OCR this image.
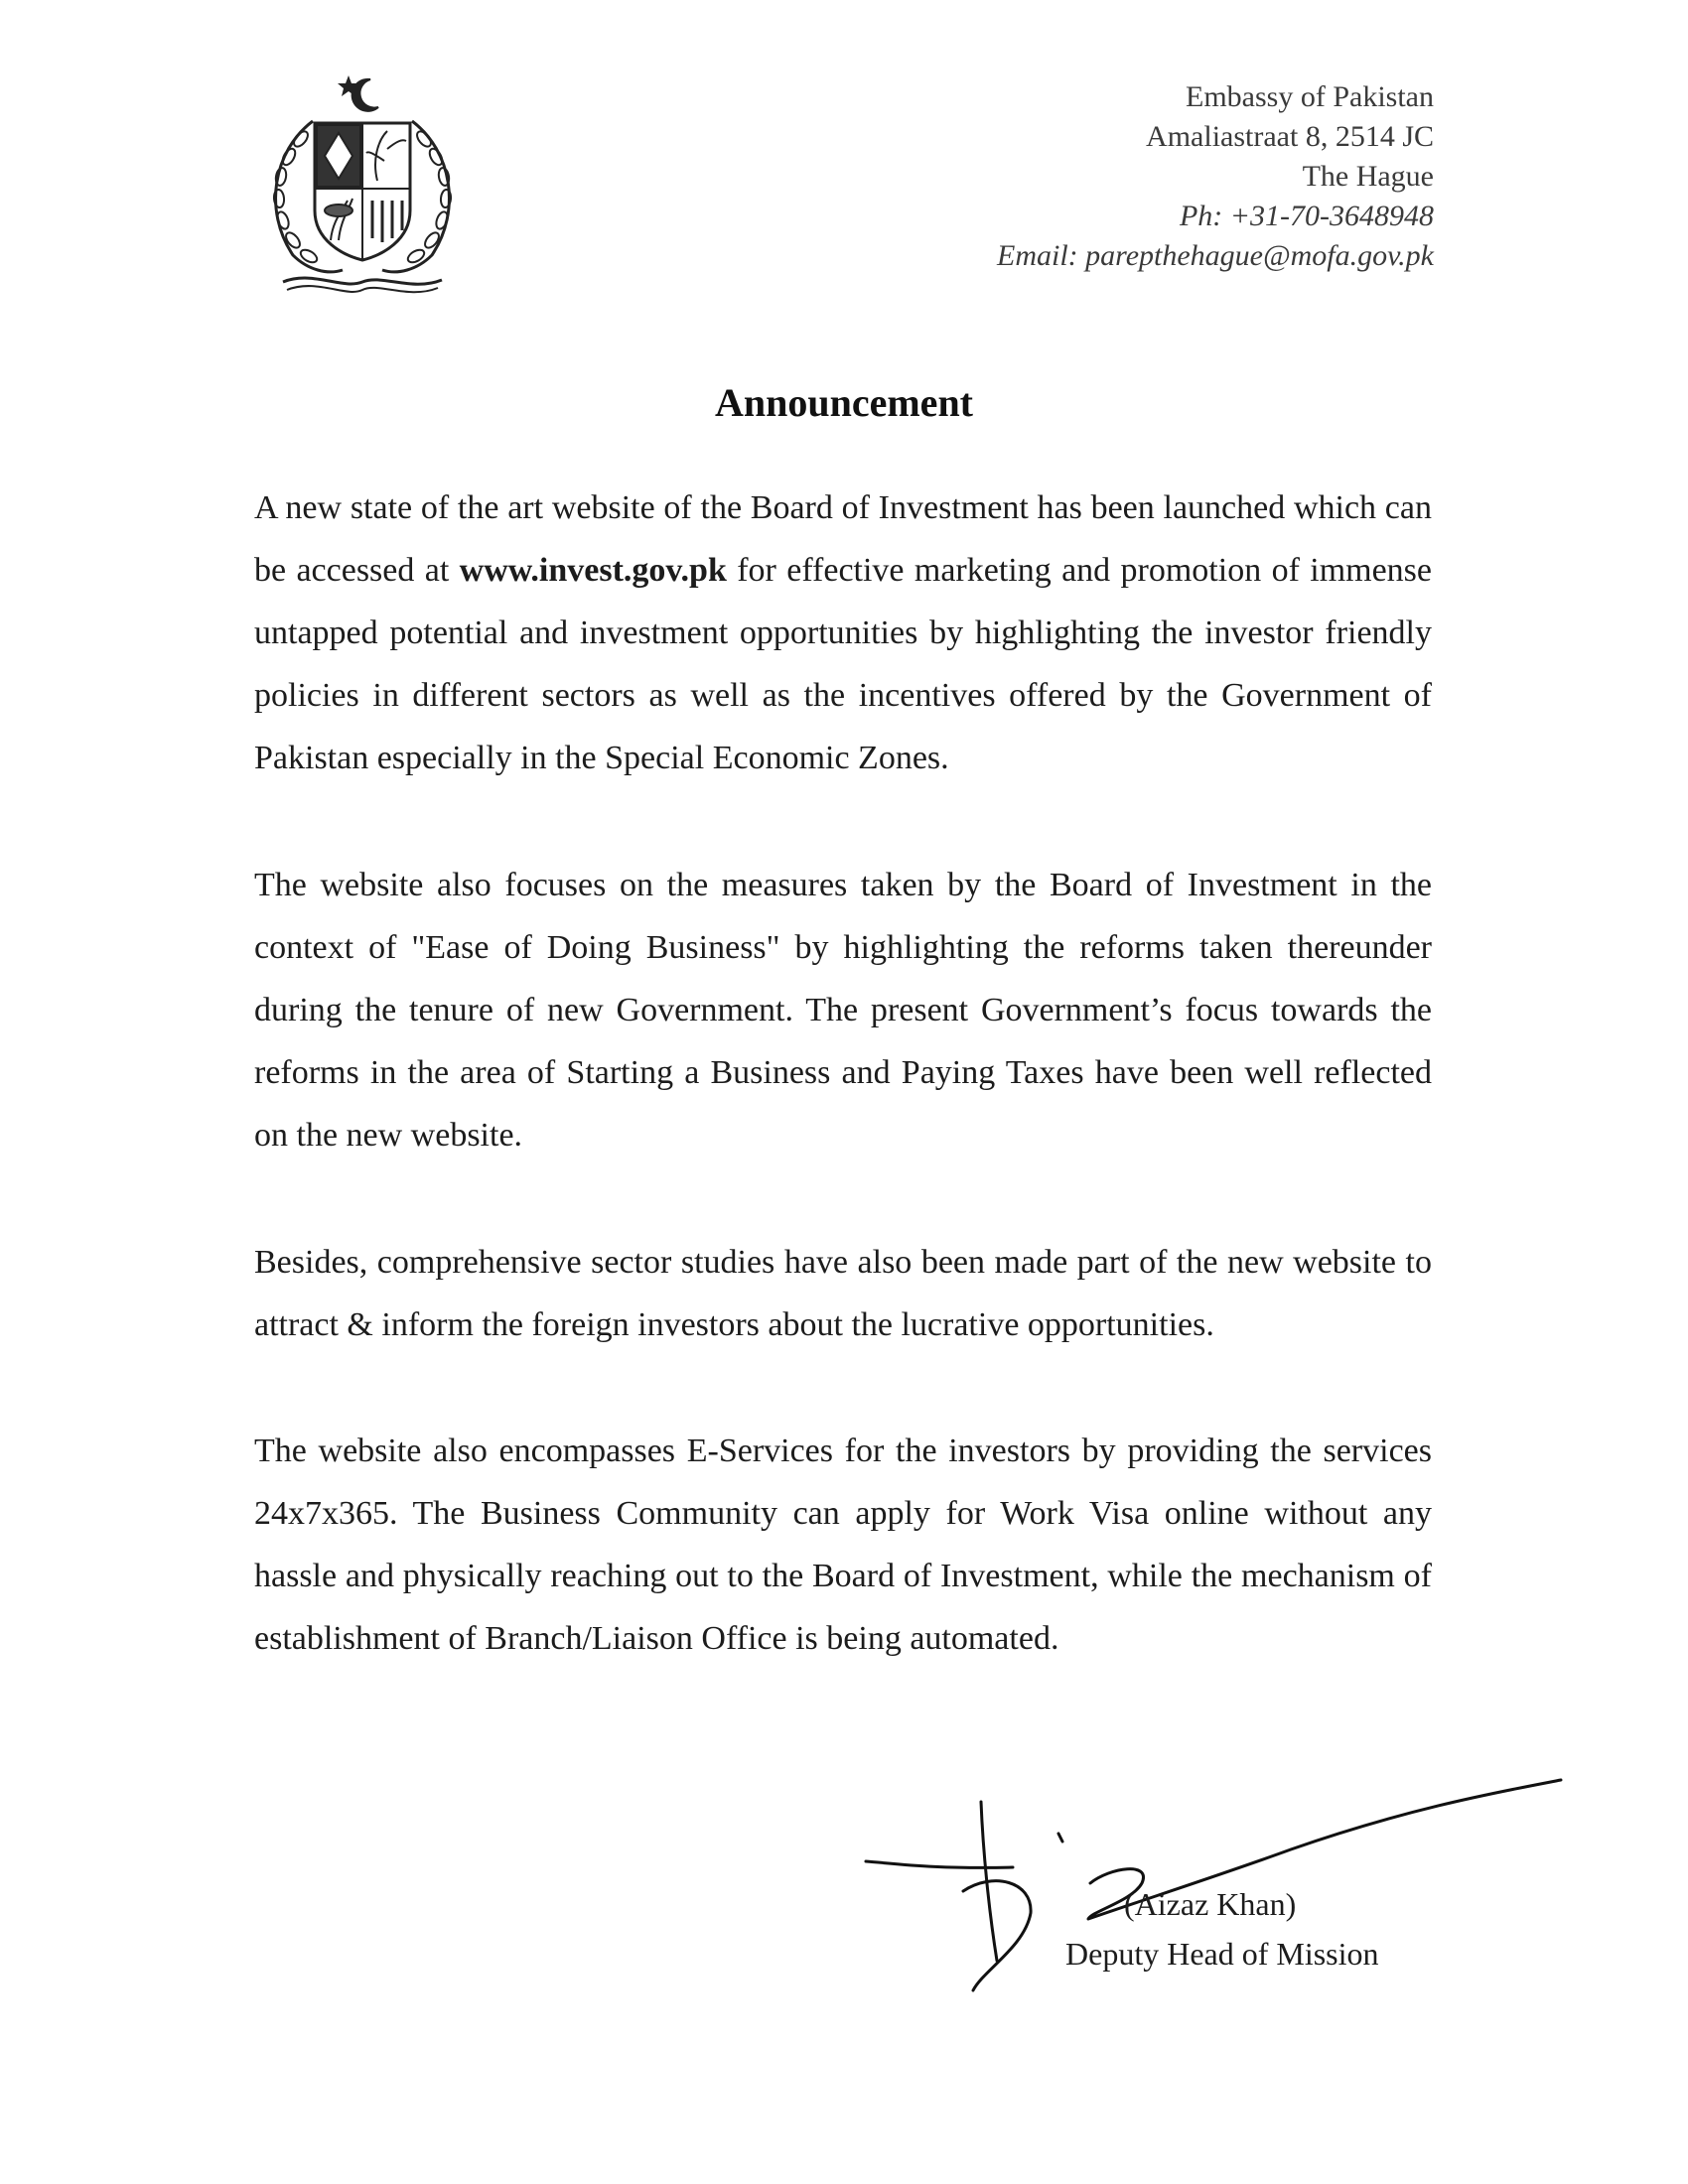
Embassy of Pakistan
Amaliastraat 8, 2514 JC
The Hague
Ph: +31-70-3648948
Email: parepthehague@mofa.gov.pk
Announcement
A new state of the art website of the Board of Investment has been launched which can be accessed at www.invest.gov.pk for effective marketing and promotion of immense untapped potential and investment opportunities by highlighting the investor friendly policies in different sectors as well as the incentives offered by the Government of Pakistan especially in the Special Economic Zones.
The website also focuses on the measures taken by the Board of Investment in the context of "Ease of Doing Business" by highlighting the reforms taken thereunder during the tenure of new Government. The present Government’s focus towards the reforms in the area of Starting a Business and Paying Taxes have been well reflected on the new website.
Besides, comprehensive sector studies have also been made part of the new website to attract & inform the foreign investors about the lucrative opportunities.
The website also encompasses E-Services for the investors by providing the services 24x7x365. The Business Community can apply for Work Visa online without any hassle and physically reaching out to the Board of Investment, while the mechanism of establishment of Branch/Liaison Office is being automated.
(Aizaz Khan)
Deputy Head of Mission
